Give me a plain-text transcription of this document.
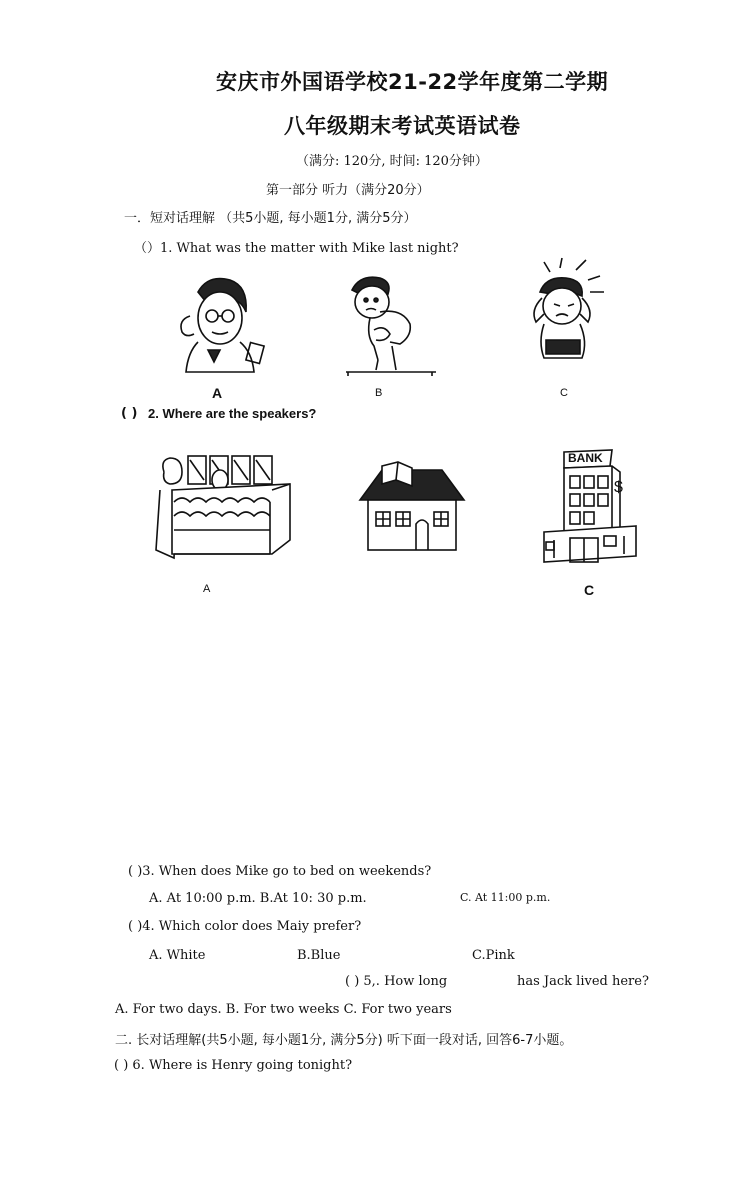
安庆市外国语学校21-22学年度第二学期
八年级期末考试英语试卷
（满分: 120分, 时间: 120分钟）
第一部分 听力（满分20分）
一．短对话理解 （共5小题, 每小题1分, 满分5分）
（）1. What was the matter with Mike last night?
A	B	C
( ) 2. Where are the speakers?
A
BANK
$
C
( )3. When does Mike go to bed on weekends?
A. At 10:00 p.m. B.At 10: 30 p.m.	C. At 11:00 p.m.
( )4. Which color does Maiy prefer?
A. White	B.Blue	C.Pink
( ) 5,. How long	has Jack lived here?
A. For two days. B. For two weeks C. For two years
二. 长对话理解(共5小题, 每小题1分, 满分5分) 听下面一段对话, 回答6-7小题。
( ) 6. Where is Henry going tonight?
